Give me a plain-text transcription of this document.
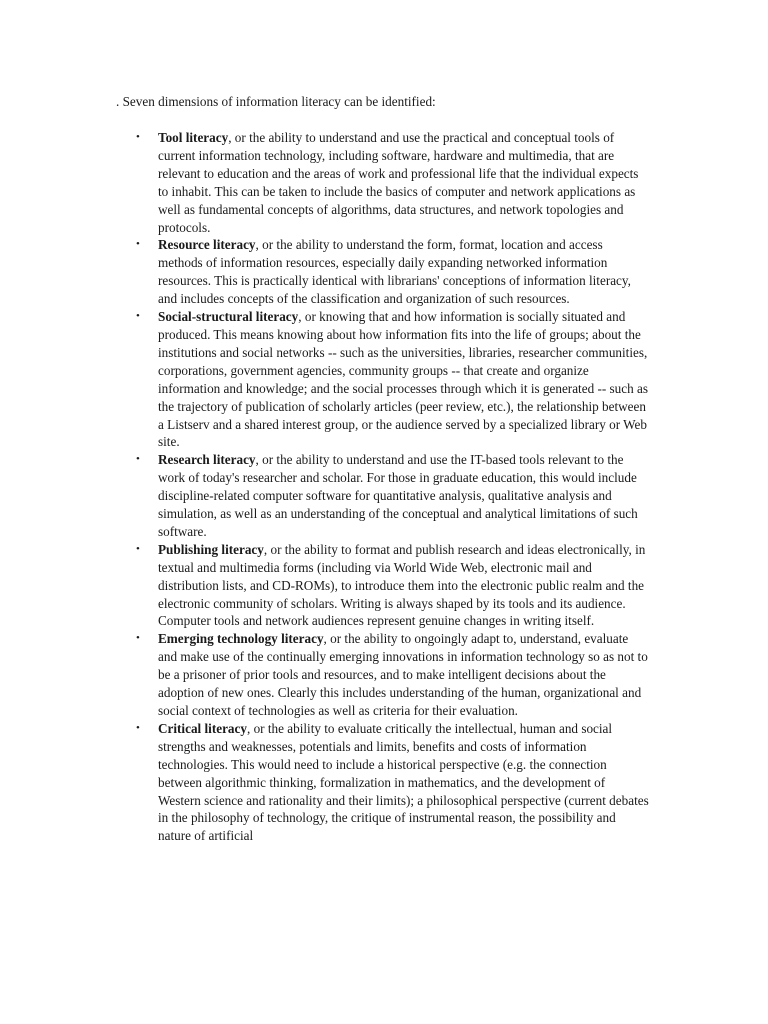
. Seven dimensions of information literacy can be identified:

• Tool literacy, or the ability to understand and use the practical and conceptual tools of current information technology, including software, hardware and multimedia, that are relevant to education and the areas of work and professional life that the individual expects to inhabit. This can be taken to include the basics of computer and network applications as well as fundamental concepts of algorithms, data structures, and network topologies and protocols.
• Resource literacy, or the ability to understand the form, format, location and access methods of information resources, especially daily expanding networked information resources. This is practically identical with librarians' conceptions of information literacy, and includes concepts of the classification and organization of such resources.
• Social-structural literacy, or knowing that and how information is socially situated and produced. This means knowing about how information fits into the life of groups; about the institutions and social networks -- such as the universities, libraries, researcher communities, corporations, government agencies, community groups -- that create and organize information and knowledge; and the social processes through which it is generated -- such as the trajectory of publication of scholarly articles (peer review, etc.), the relationship between a Listserv and a shared interest group, or the audience served by a specialized library or Web site.
• Research literacy, or the ability to understand and use the IT-based tools relevant to the work of today's researcher and scholar. For those in graduate education, this would include discipline-related computer software for quantitative analysis, qualitative analysis and simulation, as well as an understanding of the conceptual and analytical limitations of such software.
• Publishing literacy, or the ability to format and publish research and ideas electronically, in textual and multimedia forms (including via World Wide Web, electronic mail and distribution lists, and CD-ROMs), to introduce them into the electronic public realm and the electronic community of scholars. Writing is always shaped by its tools and its audience. Computer tools and network audiences represent genuine changes in writing itself.
• Emerging technology literacy, or the ability to ongoingly adapt to, understand, evaluate and make use of the continually emerging innovations in information technology so as not to be a prisoner of prior tools and resources, and to make intelligent decisions about the adoption of new ones. Clearly this includes understanding of the human, organizational and social context of technologies as well as criteria for their evaluation.
• Critical literacy, or the ability to evaluate critically the intellectual, human and social strengths and weaknesses, potentials and limits, benefits and costs of information technologies. This would need to include a historical perspective (e.g. the connection between algorithmic thinking, formalization in mathematics, and the development of Western science and rationality and their limits); a philosophical perspective (current debates in the philosophy of technology, the critique of instrumental reason, the possibility and nature of artificial
